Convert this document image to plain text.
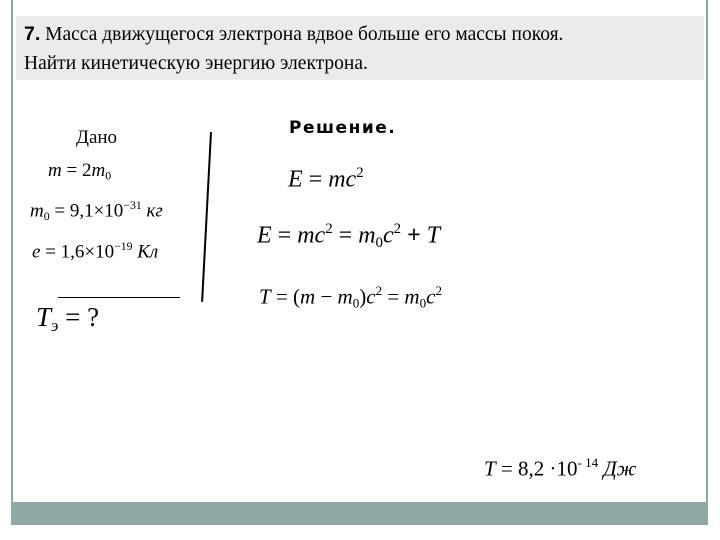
7. Масса движущегося электрона вдвое больше его массы покоя.
Найти кинетическую энергию электрона.
Дано
$m = 2m_0$
$m_0 = 9,1\times 10^{-31}$ кг
$e = 1,6\times 10^{-19}$ Кл
$T_э$ = ?
Решение.
$E = mc^2$
$E = mc^2 = m_0c^2 + T$
$T = (m - m_0)c^2 = m_0c^2$
$T = 8,2 \cdot 10^{- 14}$ Дж
